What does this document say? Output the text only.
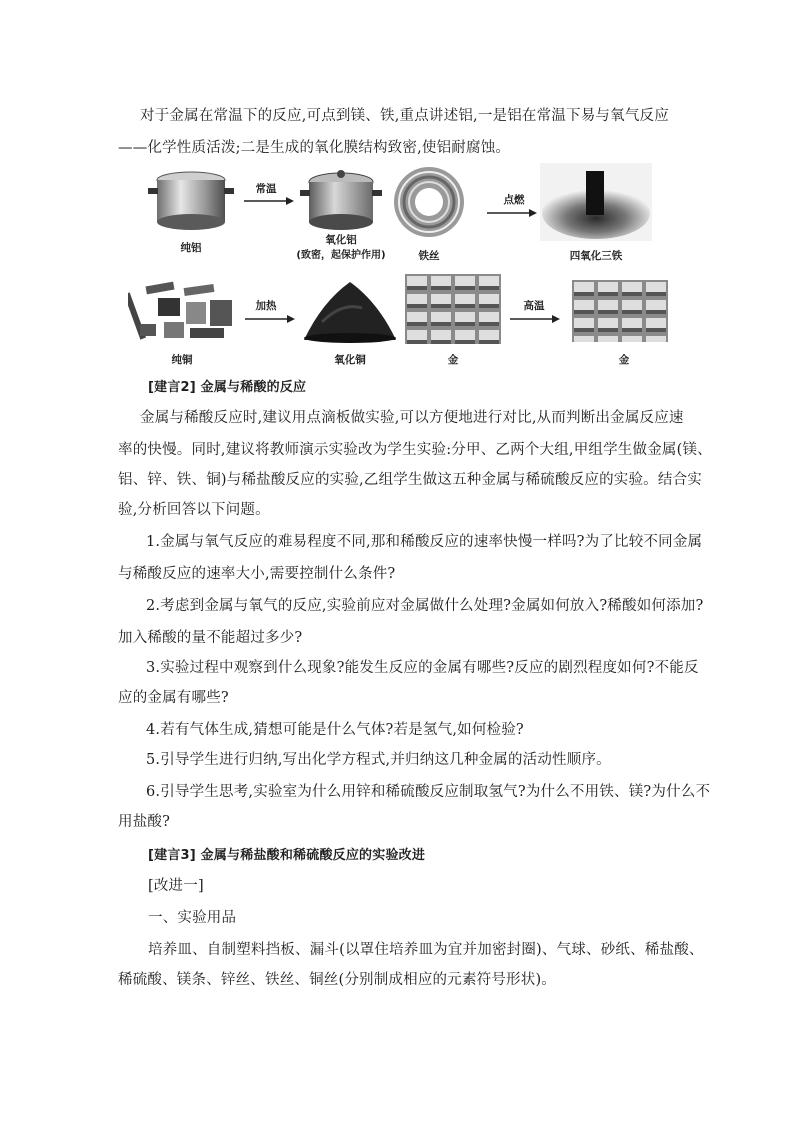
对于金属在常温下的反应,可点到镁、铁,重点讲述铝,一是铝在常温下易与氧气反应
——化学性质活泼;二是生成的氧化膜结构致密,使铝耐腐蚀。
纯铝
常温
氧化铝
(致密，起保护作用)	铁丝
点燃
四氧化三铁
纯铜
加热
氧化铜	金
高温
金
[建言2] 金属与稀酸的反应
金属与稀酸反应时,建议用点滴板做实验,可以方便地进行对比,从而判断出金属反应速
率的快慢。同时,建议将教师演示实验改为学生实验:分甲、乙两个大组,甲组学生做金属(镁、
铝、锌、铁、铜)与稀盐酸反应的实验,乙组学生做这五种金属与稀硫酸反应的实验。结合实
验,分析回答以下问题。
1.金属与氧气反应的难易程度不同,那和稀酸反应的速率快慢一样吗?为了比较不同金属
与稀酸反应的速率大小,需要控制什么条件?
2.考虑到金属与氧气的反应,实验前应对金属做什么处理?金属如何放入?稀酸如何添加?
加入稀酸的量不能超过多少?
3.实验过程中观察到什么现象?能发生反应的金属有哪些?反应的剧烈程度如何?不能反
应的金属有哪些?
4.若有气体生成,猜想可能是什么气体?若是氢气,如何检验?
5.引导学生进行归纳,写出化学方程式,并归纳这几种金属的活动性顺序。
6.引导学生思考,实验室为什么用锌和稀硫酸反应制取氢气?为什么不用铁、镁?为什么不
用盐酸?
[建言3] 金属与稀盐酸和稀硫酸反应的实验改进
[改进一]
一、实验用品
培养皿、自制塑料挡板、漏斗(以罩住培养皿为宜并加密封圈)、气球、砂纸、稀盐酸、
稀硫酸、镁条、锌丝、铁丝、铜丝(分别制成相应的元素符号形状)。
